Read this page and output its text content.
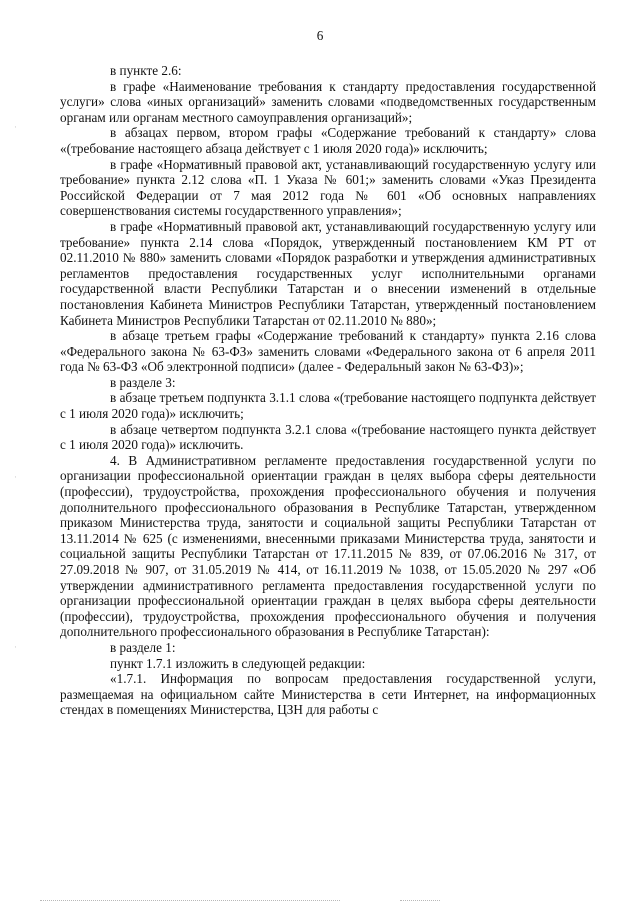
6

в пункте 2.6:

в графе «Наименование требования к стандарту предоставления государственной услуги» слова «иных организаций» заменить словами «подведомственных государственным органам или органам местного самоуправления организаций»;

в абзацах первом, втором графы «Содержание требований к стандарту» слова «(требование настоящего абзаца действует с 1 июля 2020 года)» исключить;

в графе «Нормативный правовой акт, устанавливающий государственную услугу или требование» пункта 2.12 слова «П. 1 Указа № 601;» заменить словами «Указ Президента Российской Федерации от 7 мая 2012 года № 601 «Об основных направлениях совершенствования системы государственного управления»;

в графе «Нормативный правовой акт, устанавливающий государственную услугу или требование» пункта 2.14 слова «Порядок, утвержденный постановлением КМ РТ от 02.11.2010 № 880» заменить словами «Порядок разработки и утверждения административных регламентов предоставления государственных услуг исполнительными органами государственной власти Республики Татарстан и о внесении изменений в отдельные постановления Кабинета Министров Республики Татарстан, утвержденный постановлением Кабинета Министров Республики Татарстан от 02.11.2010 № 880»;

в абзаце третьем графы «Содержание требований к стандарту» пункта 2.16 слова «Федерального закона № 63-ФЗ» заменить словами «Федерального закона от 6 апреля 2011 года № 63-ФЗ «Об электронной подписи» (далее - Федеральный закон № 63-ФЗ)»;

в разделе 3:

в абзаце третьем подпункта 3.1.1 слова «(требование настоящего подпункта действует с 1 июля 2020 года)» исключить;

в абзаце четвертом подпункта 3.2.1 слова «(требование настоящего пункта действует с 1 июля 2020 года)» исключить.

4. В Административном регламенте предоставления государственной услуги по организации профессиональной ориентации граждан в целях выбора сферы деятельности (профессии), трудоустройства, прохождения профессионального обучения и получения дополнительного профессионального образования в Республике Татарстан, утвержденном приказом Министерства труда, занятости и социальной защиты Республики Татарстан от 13.11.2014 № 625 (с изменениями, внесенными приказами Министерства труда, занятости и социальной защиты Республики Татарстан от 17.11.2015 № 839, от 07.06.2016 № 317, от 27.09.2018 № 907, от 31.05.2019 № 414, от 16.11.2019 № 1038, от 15.05.2020 № 297 «Об утверждении административного регламента предоставления государственной услуги по организации профессиональной ориентации граждан в целях выбора сферы деятельности (профессии), трудоустройства, прохождения профессионального обучения и получения дополнительного профессионального образования в Республике Татарстан):

в разделе 1:

пункт 1.7.1 изложить в следующей редакции:

«1.7.1. Информация по вопросам предоставления государственной услуги, размещаемая на официальном сайте Министерства в сети Интернет, на информационных стендах в помещениях Министерства, ЦЗН для работы с

·
·
·
